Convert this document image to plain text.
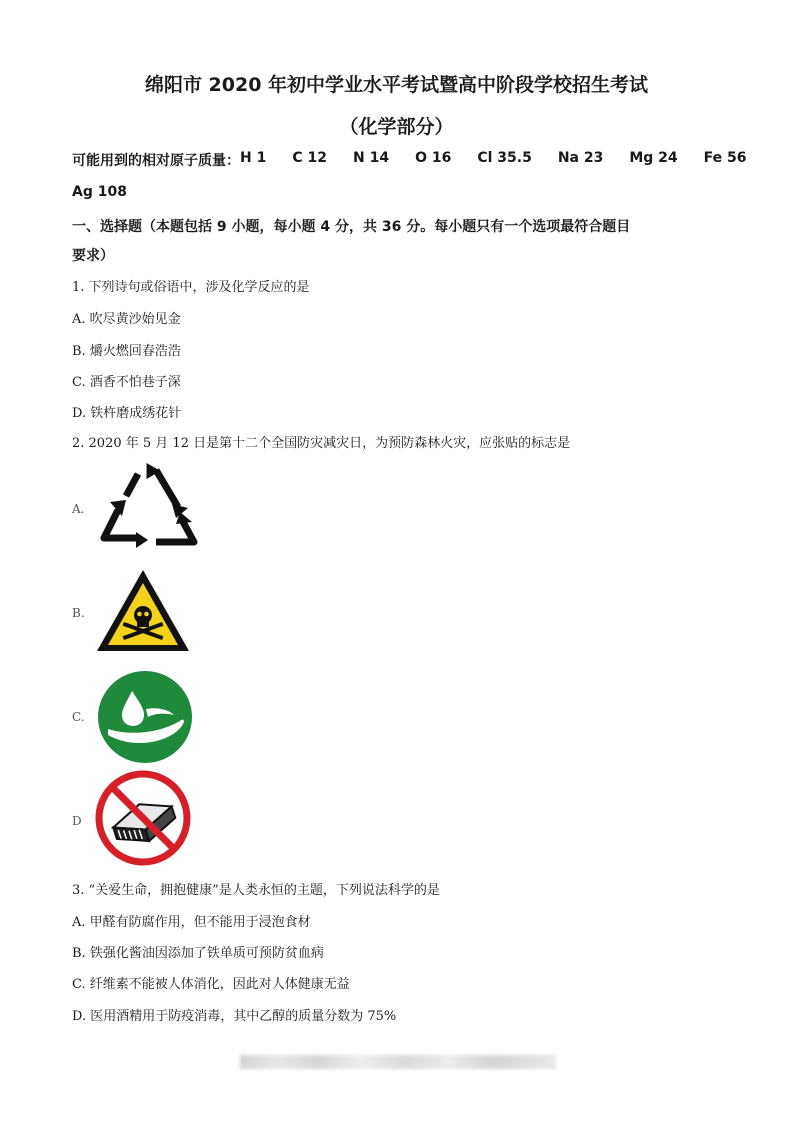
绵阳市 2020 年初中学业水平考试暨高中阶段学校招生考试
（化学部分）
可能用到的相对原子质量： H 1 C 12 N 14 O 16 Cl 35.5 Na 23 Mg 24 Fe 56
Ag 108
一、选择题（本题包括 9 小题，每小题 4 分，共 36 分。每小题只有一个选项最符合题目
要求）
1. 下列诗句或俗语中，涉及化学反应的是
A. 吹尽黄沙始见金
B. 爝火燃回春浩浩
C. 酒香不怕巷子深
D. 铁杵磨成绣花针
2. 2020 年 5 月 12 日是第十二个全国防灾减灾日，为预防森林火灾，应张贴的标志是
A.
B.
C.
D
3. “关爱生命，拥抱健康”是人类永恒的主题，下列说法科学的是
A. 甲醛有防腐作用，但不能用于浸泡食材
B. 铁强化酱油因添加了铁单质可预防贫血病
C. 纤维素不能被人体消化，因此对人体健康无益
D. 医用酒精用于防疫消毒，其中乙醇的质量分数为 75%
